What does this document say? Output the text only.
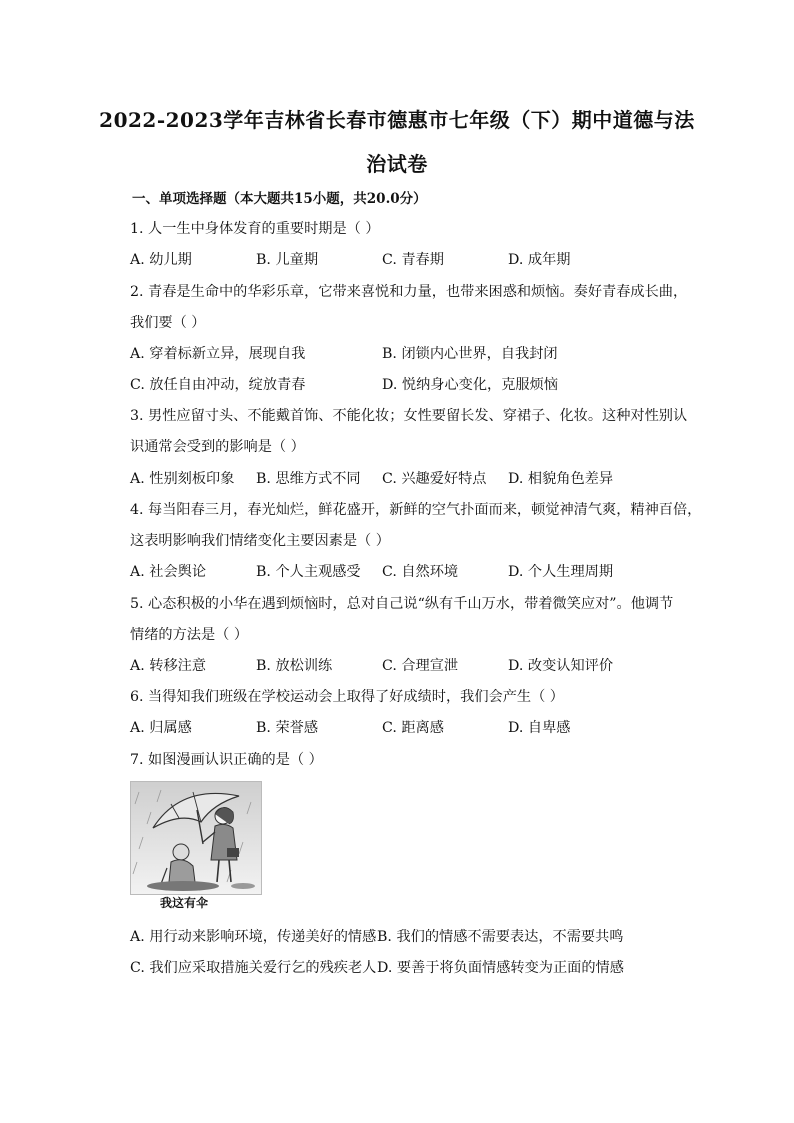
2022-2023学年吉林省长春市德惠市七年级（下）期中道德与法
治试卷
一、单项选择题（本大题共15小题，共20.0分）
1. 人一生中身体发育的重要时期是（ ）
A. 幼儿期	B. 儿童期	C. 青春期	D. 成年期
2. 青春是生命中的华彩乐章，它带来喜悦和力量，也带来困惑和烦恼。奏好青春成长曲，
我们要（ ）
A. 穿着标新立异，展现自我	B. 闭锁内心世界，自我封闭
C. 放任自由冲动，绽放青春	D. 悦纳身心变化，克服烦恼
3. 男性应留寸头、不能戴首饰、不能化妆；女性要留长发、穿裙子、化妆。这种对性别认
识通常会受到的影响是（ ）
A. 性别刻板印象 B. 思维方式不同 C. 兴趣爱好特点 D. 相貌角色差异
4. 每当阳春三月，春光灿烂，鲜花盛开，新鲜的空气扑面而来，顿觉神清气爽，精神百倍，
这表明影响我们情绪变化主要因素是（ ）
A. 社会舆论	B. 个人主观感受 C. 自然环境	D. 个人生理周期
5. 心态积极的小华在遇到烦恼时，总对自己说“纵有千山万水，带着微笑应对”。他调节
情绪的方法是（ ）
A. 转移注意	B. 放松训练	C. 合理宣泄	D. 改变认知评价
6. 当得知我们班级在学校运动会上取得了好成绩时，我们会产生（ ）
A. 归属感	B. 荣誉感	C. 距离感	D. 自卑感
7. 如图漫画认识正确的是（ ）
我这有伞
A. 用行动来影响环境，传递美好的情感 B. 我们的情感不需要表达，不需要共鸣
C. 我们应采取措施关爱行乞的残疾老人 D. 要善于将负面情感转变为正面的情感
